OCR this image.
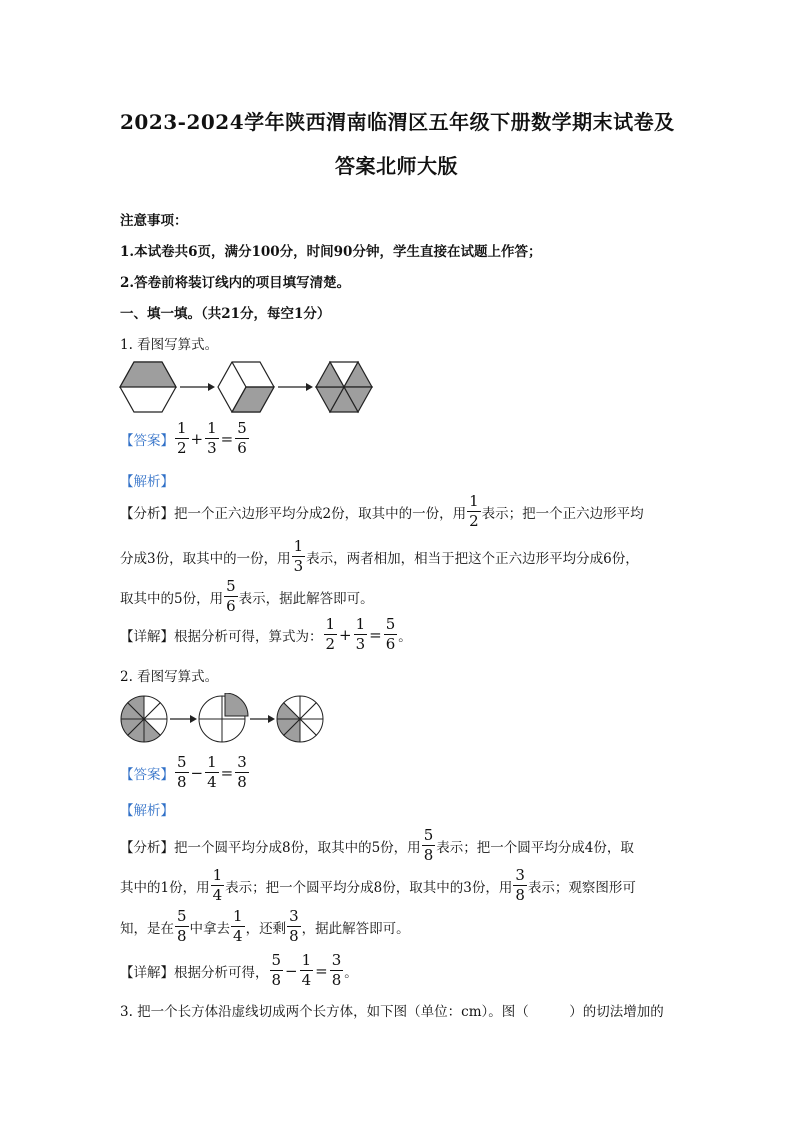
2023-2024学年陕西渭南临渭区五年级下册数学期末试卷及
答案北师大版
注意事项：
1.本试卷共6页，满分100分，时间90分钟，学生直接在试题上作答；
2.答卷前将装订线内的项目填写清楚。
一、填一填。（共21分，每空1分）
1. 看图写算式。
【答案】 $\frac{1}{2} + \frac{1}{3} = \frac{5}{6}$
【解析】
【分析】 把一个正六边形平均分成2份，取其中的一份，用 $\frac{1}{2}$ 表示；把一个正六边形平均
分成3份，取其中的一份，用 $\frac{1}{3}$ 表示，两者相加，相当于把这个正六边形平均分成6份，
取其中的5份，用 $\frac{5}{6}$ 表示，据此解答即可。
【详解】 根据分析可得，算式为： $\frac{1}{2} + \frac{1}{3} = \frac{5}{6}$ 。
2. 看图写算式。
【答案】 $\frac{5}{8} - \frac{1}{4} = \frac{3}{8}$
【解析】
【分析】 把一个圆平均分成8份，取其中的5份，用 $\frac{5}{8}$ 表示；把一个圆平均分成4份，取
其中的1份，用 $\frac{1}{4}$ 表示；把一个圆平均分成8份，取其中的3份，用 $\frac{3}{8}$ 表示；观察图形可
知，是在 $\frac{5}{8}$ 中拿去 $\frac{1}{4}$ ，还剩 $\frac{3}{8}$ ，据此解答即可。
【详解】 根据分析可得， $\frac{5}{8} - \frac{1}{4} = \frac{3}{8}$ 。
3. 把一个长方体沿虚线切成两个长方体，如下图（单位：cm）。图（　　　）的切法增加的
